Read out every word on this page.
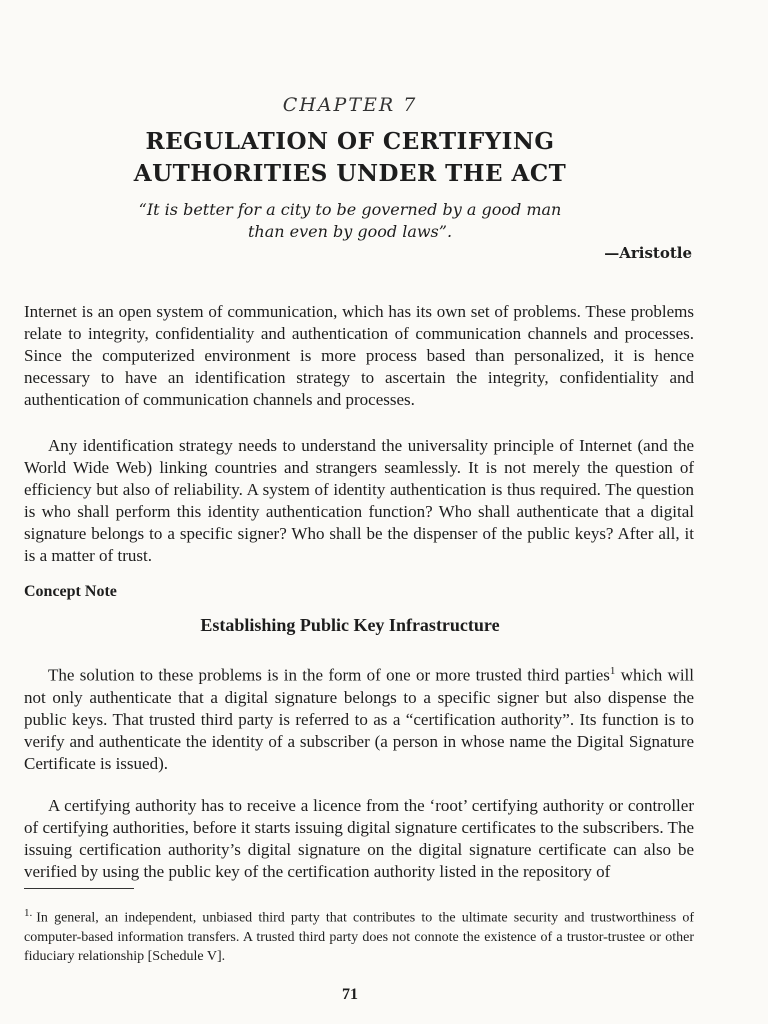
CHAPTER 7
REGULATION OF CERTIFYING
AUTHORITIES UNDER THE ACT
“It is better for a city to be governed by a good man
than even by good laws”.
—Aristotle

Internet is an open system of communication, which has its own set of problems. These problems relate to integrity, confidentiality and authentication of communication channels and processes. Since the computerized environment is more process based than personalized, it is hence necessary to have an identification strategy to ascertain the integrity, confidentiality and authentication of communication channels and processes.

Any identification strategy needs to understand the universality principle of Internet (and the World Wide Web) linking countries and strangers seamlessly. It is not merely the question of efficiency but also of reliability. A system of identity authentication is thus required. The question is who shall perform this identity authentication function? Who shall authenticate that a digital signature belongs to a specific signer? Who shall be the dispenser of the public keys? After all, it is a matter of trust.

Concept Note
Establishing Public Key Infrastructure

The solution to these problems is in the form of one or more trusted third parties$^1$ which will not only authenticate that a digital signature belongs to a specific signer but also dispense the public keys. That trusted third party is referred to as a “certification authority”. Its function is to verify and authenticate the identity of a subscriber (a person in whose name the Digital Signature Certificate is issued).

A certifying authority has to receive a licence from the ‘root’ certifying authority or controller of certifying authorities, before it starts issuing digital signature certificates to the subscribers. The issuing certification authority’s digital signature on the digital signature certificate can also be verified by using the public key of the certification authority listed in the repository of

$^{1.}$ In general, an independent, unbiased third party that contributes to the ultimate security and trustworthiness of computer-based information transfers. A trusted third party does not connote the existence of a trustor-trustee or other fiduciary relationship [Schedule V].
71
